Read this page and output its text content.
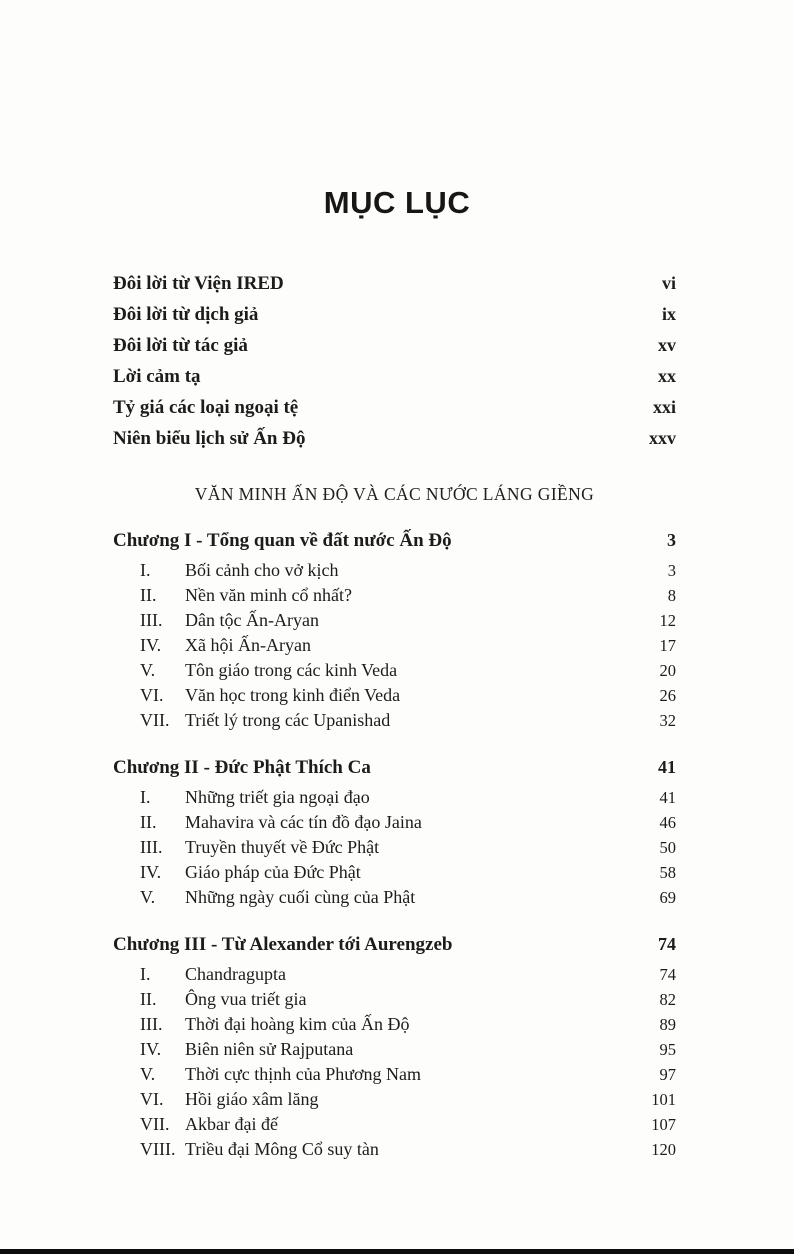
MỤC LỤC
Đôi lời từ Viện IRED	vi
Đôi lời từ dịch giả	ix
Đôi lời từ tác giả	xv
Lời cảm tạ	xx
Tỷ giá các loại ngoại tệ	xxi
Niên biểu lịch sử Ấn Độ	xxv
VĂN MINH ẤN ĐỘ VÀ CÁC NƯỚC LÁNG GIỀNG
Chương I - Tổng quan về đất nước Ấn Độ	3
I.	Bối cảnh cho vở kịch	3
II.	Nền văn minh cổ nhất?	8
III.	Dân tộc Ấn-Aryan	12
IV.	Xã hội Ấn-Aryan	17
V.	Tôn giáo trong các kinh Veda	20
VI.	Văn học trong kinh điển Veda	26
VII. Triết lý trong các Upanishad	32
Chương II - Đức Phật Thích Ca	41
I.	Những triết gia ngoại đạo	41
II.	Mahavira và các tín đồ đạo Jaina	46
III.	Truyền thuyết về Đức Phật	50
IV.	Giáo pháp của Đức Phật	58
V.	Những ngày cuối cùng của Phật	69
Chương III - Từ Alexander tới Aurengzeb	74
I.	Chandragupta	74
II.	Ông vua triết gia	82
III.	Thời đại hoàng kim của Ấn Độ	89
IV.	Biên niên sử Rajputana	95
V.	Thời cực thịnh của Phương Nam	97
VI.	Hồi giáo xâm lăng	101
VII. Akbar đại đế	107
VIII. Triều đại Mông Cổ suy tàn	120
